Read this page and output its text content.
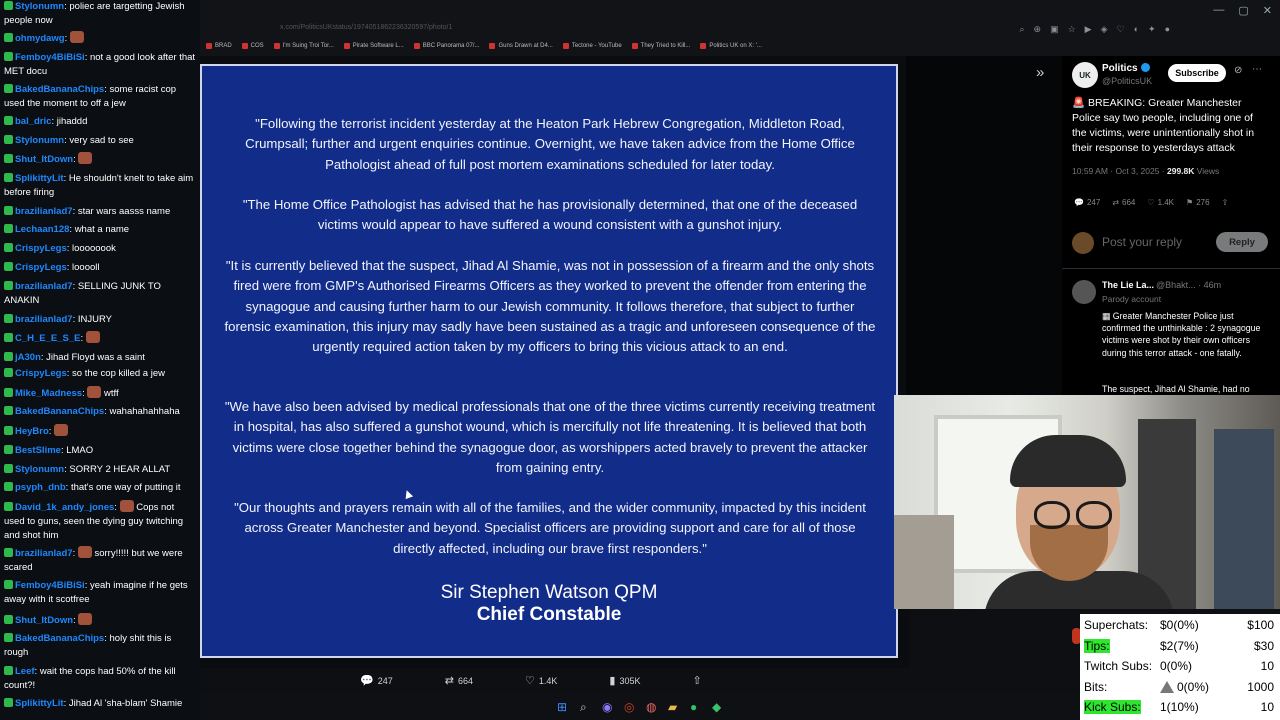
x.com/PoliticsUKstatus/1974051862236320597/photo/1	⌕ ⊕ ▣ ☆ ▶ ◈ ♡ ◐ ✦ ●
— ▢ ✕
BRAD	COS	I'm Suing Troi Tor...	Pirate Software L...	BBC Panorama 07/...	Guns Drawn at D4...	Tectone - YouTube	They Tried to Kill...	Politics UK on X: '...
"Following the terrorist incident yesterday at the Heaton Park Hebrew Congregation, Middleton Road, Crumpsall; further and urgent enquiries continue. Overnight, we have taken advice from the Home Office Pathologist ahead of full post mortem examinations scheduled for later today.
"The Home Office Pathologist has advised that he has provisionally determined, that one of the deceased victims would appear to have suffered a wound consistent with a gunshot injury.
"It is currently believed that the suspect, Jihad Al Shamie, was not in possession of a firearm and the only shots fired were from GMP's Authorised Firearms Officers as they worked to prevent the offender from entering the synagogue and causing further harm to our Jewish community. It follows therefore, that subject to further forensic examination, this injury may sadly have been sustained as a tragic and unforeseen consequence of the urgently required action taken by my officers to bring this vicious attack to an end.
"We have also been advised by medical professionals that one of the three victims currently receiving treatment in hospital, has also suffered a gunshot wound, which is mercifully not life threatening. It is believed that both victims were close together behind the synagogue door, as worshippers acted bravely to prevent the attacker from gaining entry.
"Our thoughts and prayers remain with all of the families, and the wider community, impacted by this incident across Greater Manchester and beyond. Specialist officers are providing support and care for all of those directly affected, including our brave first responders."
Sir Stephen Watson QPM
Chief Constable
💬 247	⇄ 664	♡ 1.4K	▮ 305K	⇧
»	UK
Politics
@PoliticsUK
Subscribe	⊘ ⋯
🚨 BREAKING: Greater Manchester Police say two people, including one of the victims, were unintentionally shot in their response to yesterdays attack
10:59 AM · Oct 3, 2025 · 299.8K Views
💬 247 ⇄ 664 ♡ 1.4K ⚑ 276 ⇧
Post your reply	Reply
The Lie La... @Bhakt... · 46m
Parody account
▦ Greater Manchester Police just confirmed the unthinkable : 2 synagogue victims were shot by their own officers during this terror attack - one fatally.
The suspect, Jihad Al Shamie, had no
Superchats: $0(0%)	$100
Tips:	$2(7%)	$30
Twitch Subs: 0(0%)	10
Bits:	0(0%)	1000
Kick Subs: 1(10%)	10
⊞ ⌕ ◉ ◎ ◍ ▰ ● ◆
Stylonumn: poliec are targetting Jewish people now
ohmydawg:
Femboy4BiBiSi: not a good look after that MET docu
BakedBananaChips: some racist cop used the moment to off a jew
bal_dric: jihaddd
Stylonumn: very sad to see
Shut_ItDown:
SplikittyLit: He shouldn't knelt to take aim before firing
brazilianlad7: star wars aasss name
Lechaan128: what a name
CrispyLegs: loooooook
CrispyLegs: looooll
brazilianlad7: SELLING JUNK TO ANAKIN
brazilianlad7: INJURY
C_H_E_E_S_E:
jA30n: Jihad Floyd was a saint
CrispyLegs: so the cop killed a jew
Mike_Madness:  wtff
BakedBananaChips: wahahahahhaha
HeyBro:
BestSlime: LMAO
Stylonumn: SORRY 2 HEAR ALLAT
psyph_dnb: that's one way of putting it
David_1k_andy_jones:  Cops not used to guns, seen the dying guy twitching and shot him
brazilianlad7:  sorry!!!!! but we were scared
Femboy4BiBiSi: yeah imagine if he gets away with it scotfree
Shut_ItDown:
BakedBananaChips: holy shit this is rough
Leef: wait the cops had 50% of the kill count?!
SplikittyLit: Jihad Al 'sha-blam' Shamie
